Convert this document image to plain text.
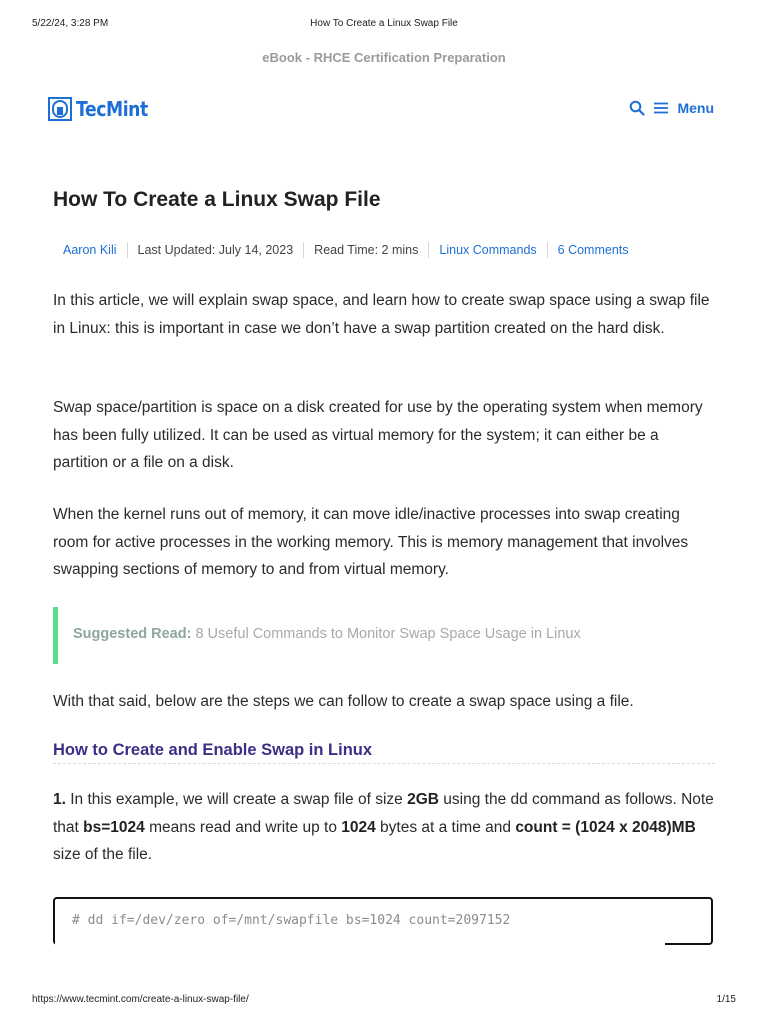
5/22/24, 3:28 PM	How To Create a Linux Swap File
eBook - RHCE Certification Preparation
TecMint	Menu
How To Create a Linux Swap File
Aaron Kili	Last Updated: July 14, 2023	Read Time: 2 mins	Linux Commands	6 Comments

In this article, we will explain swap space, and learn how to create swap space using a swap file in Linux: this is important in case we don’t have a swap partition created on the hard disk.

Swap space/partition is space on a disk created for use by the operating system when memory has been fully utilized. It can be used as virtual memory for the system; it can either be a partition or a file on a disk.

When the kernel runs out of memory, it can move idle/inactive processes into swap creating room for active processes in the working memory. This is memory management that involves swapping sections of memory to and from virtual memory.

Suggested Read: 8 Useful Commands to Monitor Swap Space Usage in Linux

With that said, below are the steps we can follow to create a swap space using a file.

How to Create and Enable Swap in Linux

1. In this example, we will create a swap file of size 2GB using the dd command as follows. Note that bs=1024 means read and write up to 1024 bytes at a time and count = (1024 x 2048)MB size of the file.

# dd if=/dev/zero of=/mnt/swapfile bs=1024 count=2097152
https://www.tecmint.com/create-a-linux-swap-file/	1/15
